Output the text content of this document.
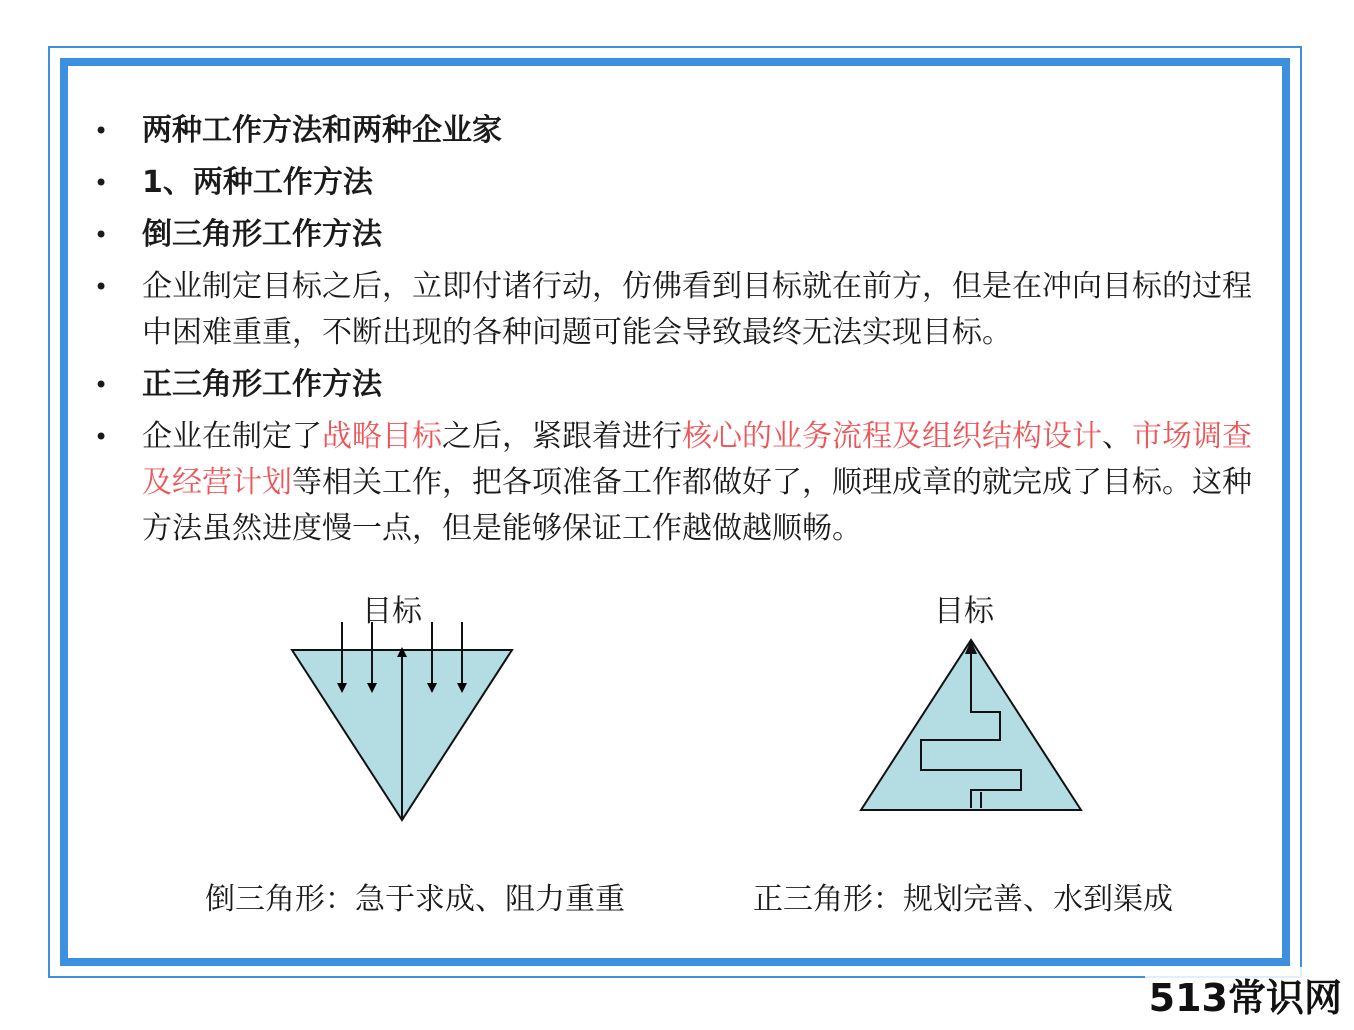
• 两种工作方法和两种企业家
• 1、两种工作方法
• 倒三角形工作方法
• 企业制定目标之后，立即付诸行动，仿佛看到目标就在前方，但是在冲向目标的过程中困难重重，不断出现的各种问题可能会导致最终无法实现目标。
• 正三角形工作方法
• 企业在制定了战略目标之后，紧跟着进行核心的业务流程及组织结构设计、市场调查及经营计划等相关工作，把各项准备工作都做好了，顺理成章的就完成了目标。这种方法虽然进度慢一点，但是能够保证工作越做越顺畅。
目标	目标
倒三角形：急于求成、阻力重重	正三角形：规划完善、水到渠成
513常识网
